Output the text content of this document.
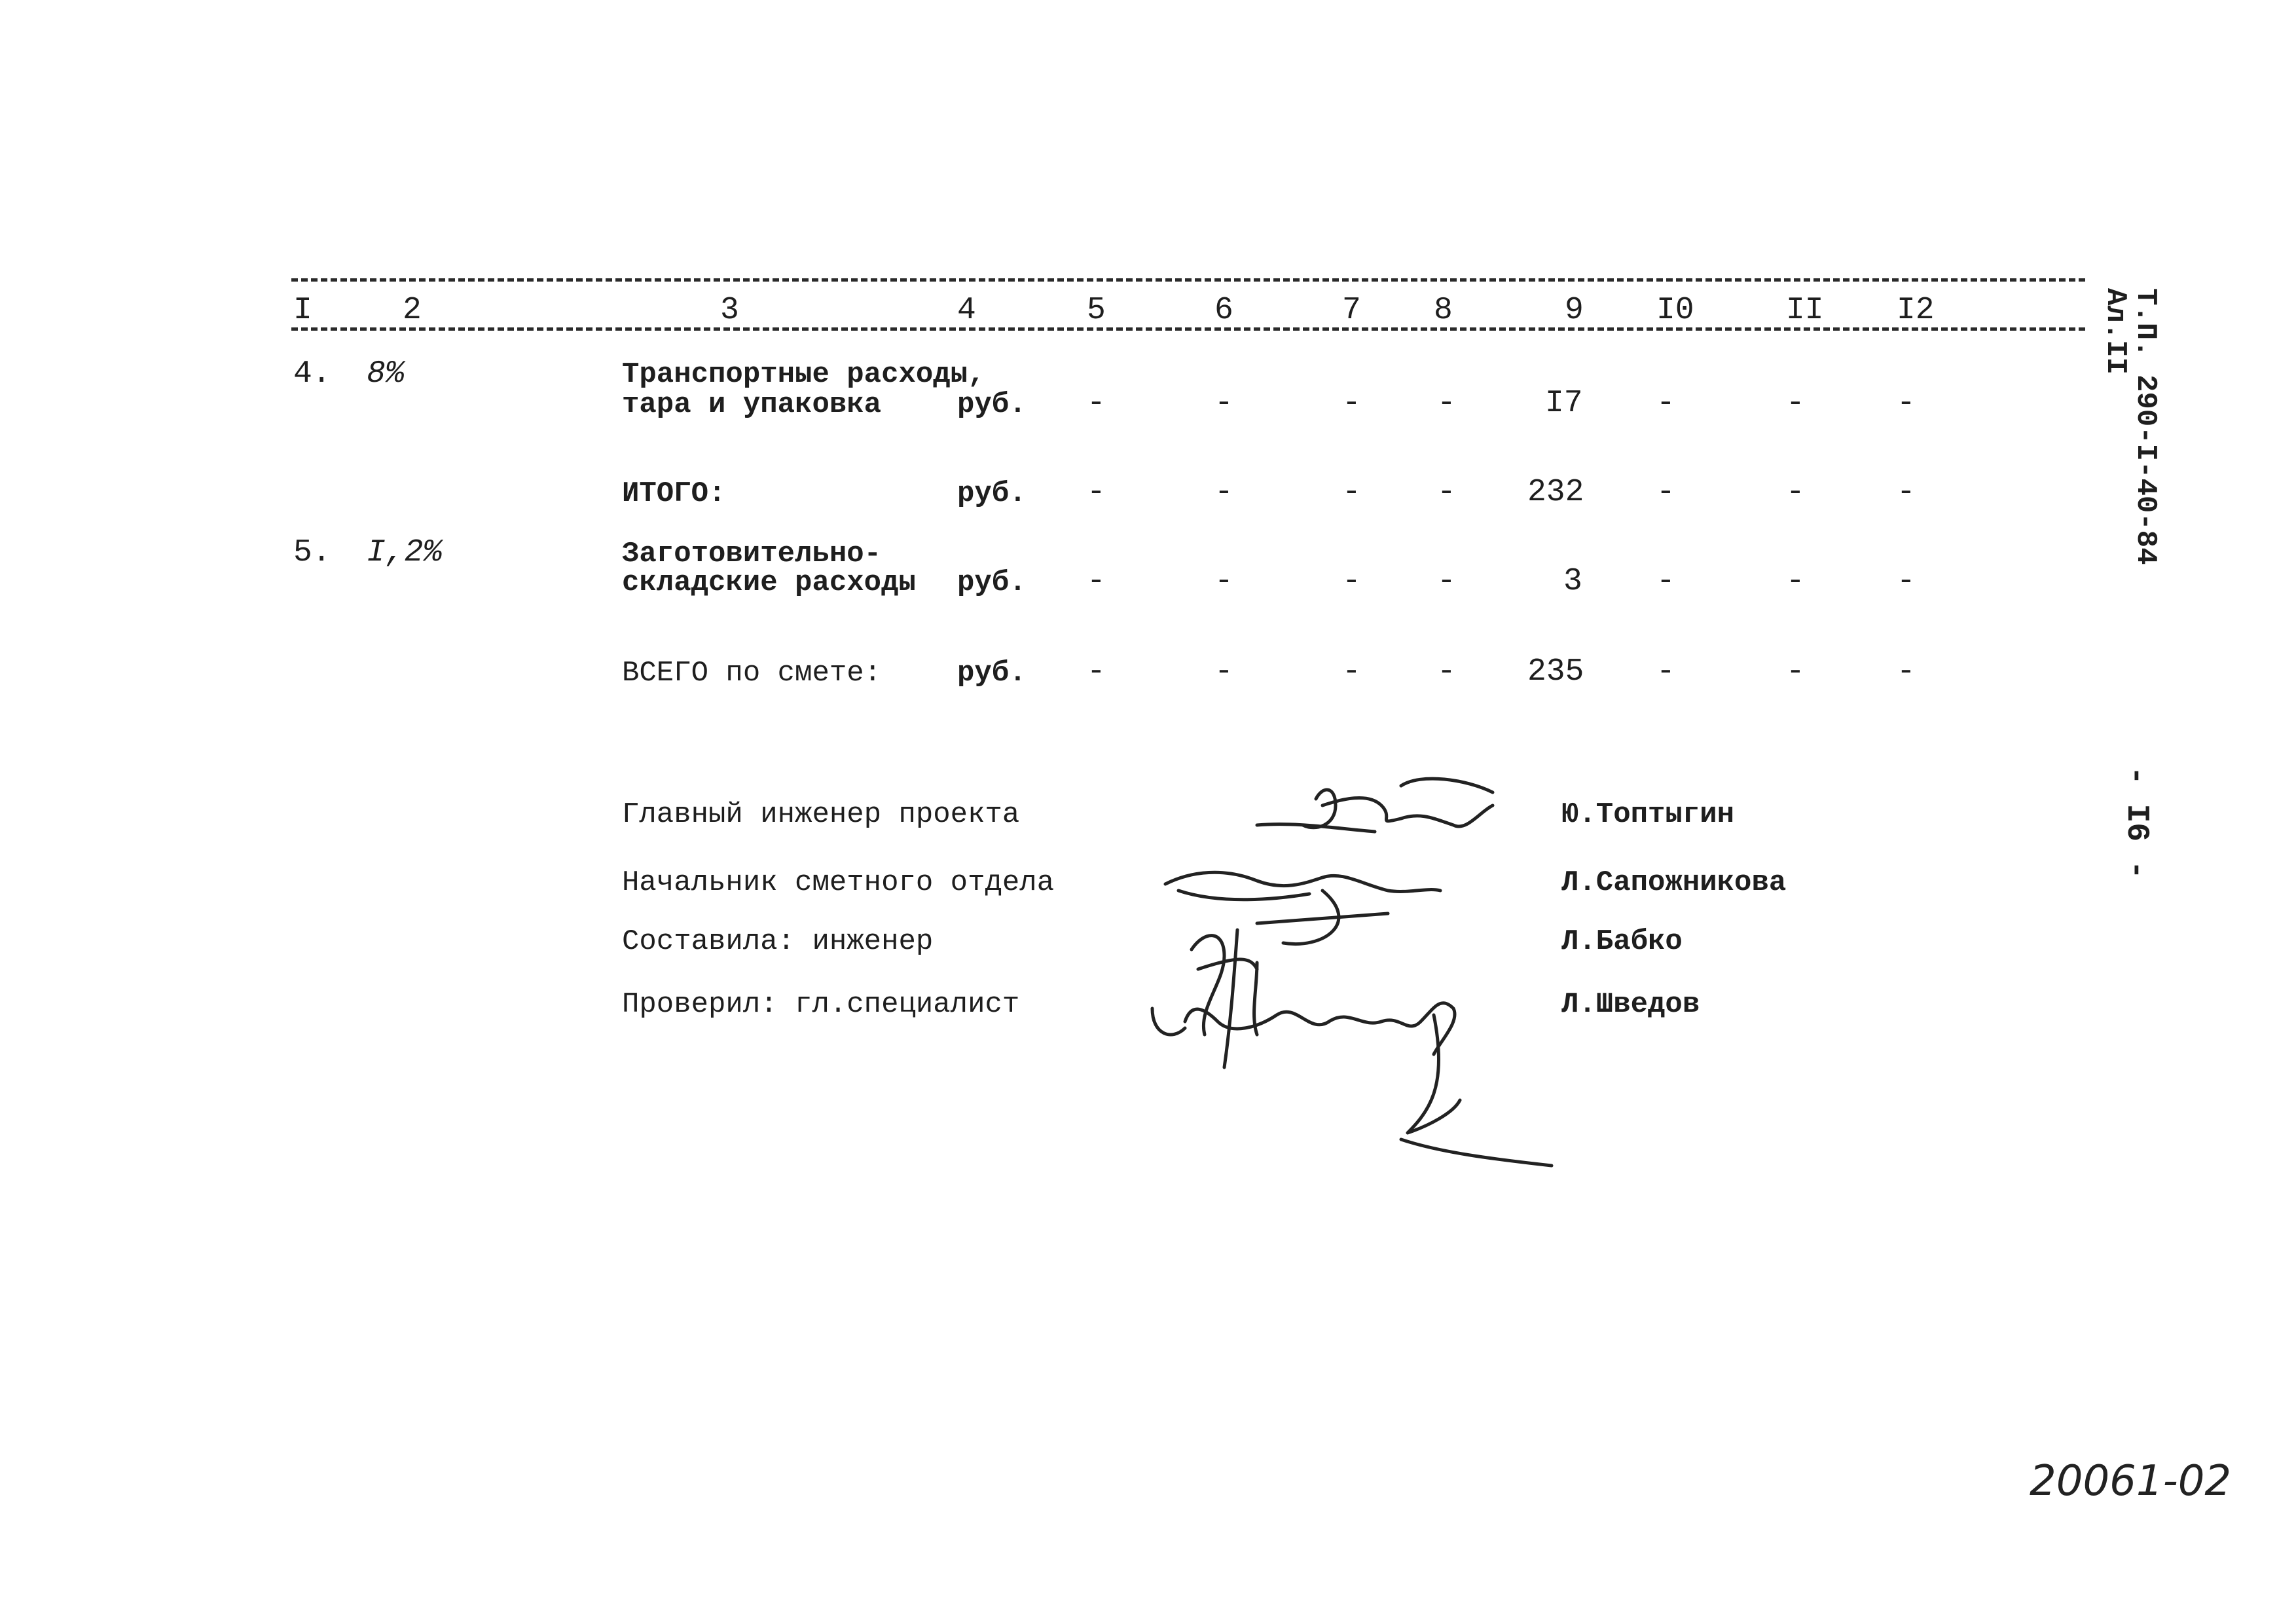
I	2	3	4	5	6	7 8	9 I0	II I2
4. 8%	Транспортные расходы,
тара и упаковка	руб. -	-	- -	I7 -	-	-
ИТОГО:	руб. -	-	- - 232 -	-	-
5. I,2%	Заготовительно-
складские расходы руб. -	-	- -	3 -	-	-
ВСЕГО по смете:	руб. -	-	- - 235 -	-	-
Главный инженер проекта	Ю.Топтыгин
Начальник сметного отдела	Л.Сапожникова
Составила: инженер	Л.Бабко
Проверил: гл.специалист	Л.Шведов
Т.П. 290-I-40-84
Ал.II
- I6 -
20061-02
